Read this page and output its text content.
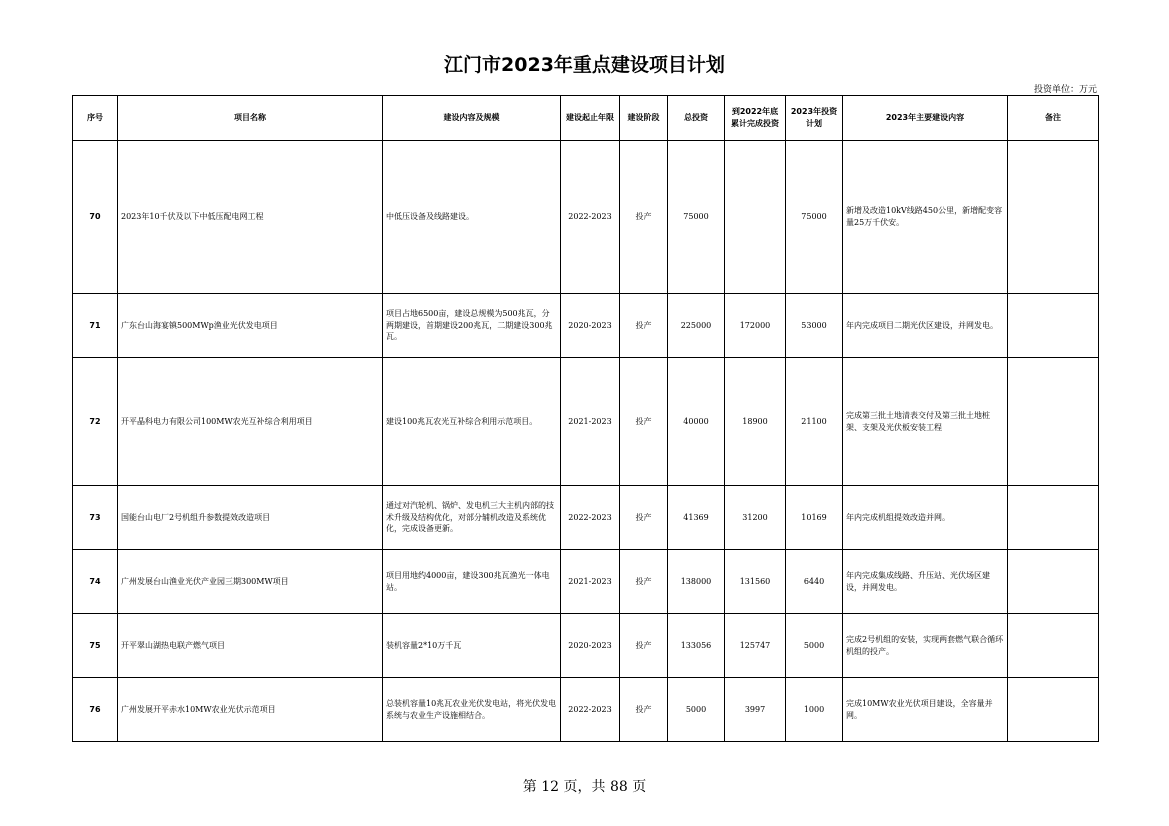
江门市2023年重点建设项目计划
投资单位：万元
序号	项目名称	建设内容及规模	建设起止年限	建设阶段	总投资	到2022年底累计完成投资	2023年投资计划	2023年主要建设内容	备注
70	2023年10千伏及以下中低压配电网工程	中低压设备及线路建设。	2022-2023	投产	75000		75000	新增及改造10kV线路450公里，新增配变容量25万千伏安。	
71	广东台山海宴镇500MWp渔业光伏发电项目	项目占地6500亩，建设总规模为500兆瓦，分两期建设，首期建设200兆瓦，二期建设300兆瓦。	2020-2023	投产	225000	172000	53000	年内完成项目二期光伏区建设，并网发电。	
72	开平晶科电力有限公司100MW农光互补综合利用项目	建设100兆瓦农光互补综合利用示范项目。	2021-2023	投产	40000	18900	21100	完成第三批土地清表交付及第三批土地桩架、支架及光伏板安装工程	
73	国能台山电厂2号机组升参数提效改造项目	通过对汽轮机、锅炉、发电机三大主机内部的技术升级及结构优化，对部分辅机改造及系统优化，完成设备更新。	2022-2023	投产	41369	31200	10169	年内完成机组提效改造并网。	
74	广州发展台山渔业光伏产业园三期300MW项目	项目用地约4000亩，建设300兆瓦渔光一体电站。	2021-2023	投产	138000	131560	6440	年内完成集成线路、升压站、光伏场区建设，并网发电。	
75	开平翠山湖热电联产燃气项目	装机容量2*10万千瓦	2020-2023	投产	133056	125747	5000	完成2号机组的安装，实现两套燃气联合循环机组的投产。	
76	广州发展开平赤水10MW农业光伏示范项目	总装机容量10兆瓦农业光伏发电站，将光伏发电系统与农业生产设施相结合。	2022-2023	投产	5000	3997	1000	完成10MW农业光伏项目建设，全容量并网。	
第 12 页，共 88 页
